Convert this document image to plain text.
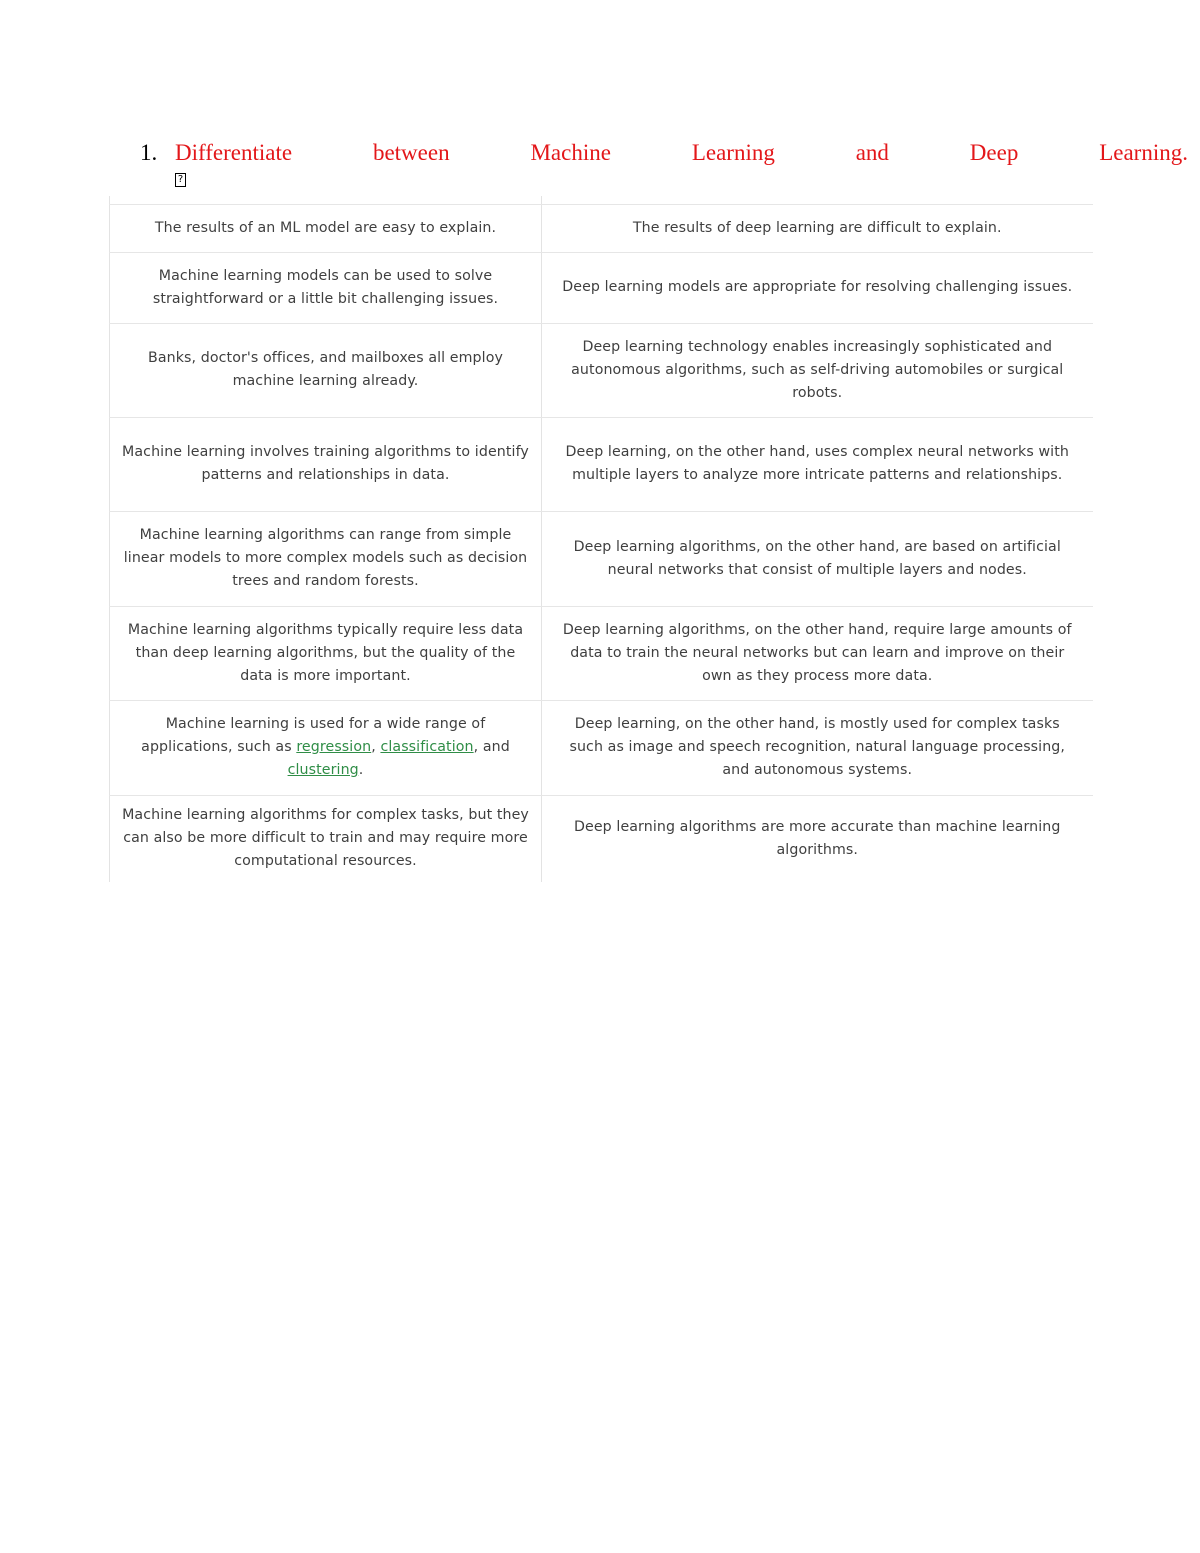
1. Differentiate	between	Machine	Learning	and	Deep	Learning.
?

The results of an ML model are easy to explain.	The results of deep learning are difficult to explain.
Machine learning models can be used to solve straightforward or a little bit challenging issues.	Deep learning models are appropriate for resolving challenging issues.
Banks, doctor's offices, and mailboxes all employ machine learning already.	Deep learning technology enables increasingly sophisticated and autonomous algorithms, such as self-driving automobiles or surgical robots.
Machine learning involves training algorithms to identify patterns and relationships in data.	Deep learning, on the other hand, uses complex neural networks with multiple layers to analyze more intricate patterns and relationships.
Machine learning algorithms can range from simple linear models to more complex models such as decision trees and random forests.	Deep learning algorithms, on the other hand, are based on artificial neural networks that consist of multiple layers and nodes.
Machine learning algorithms typically require less data than deep learning algorithms, but the quality of the data is more important.	Deep learning algorithms, on the other hand, require large amounts of data to train the neural networks but can learn and improve on their own as they process more data.
Machine learning is used for a wide range of applications, such as regression, classification, and clustering.	Deep learning, on the other hand, is mostly used for complex tasks such as image and speech recognition, natural language processing, and autonomous systems.
Machine learning algorithms for complex tasks, but they can also be more difficult to train and may require more computational resources.	Deep learning algorithms are more accurate than machine learning algorithms.
